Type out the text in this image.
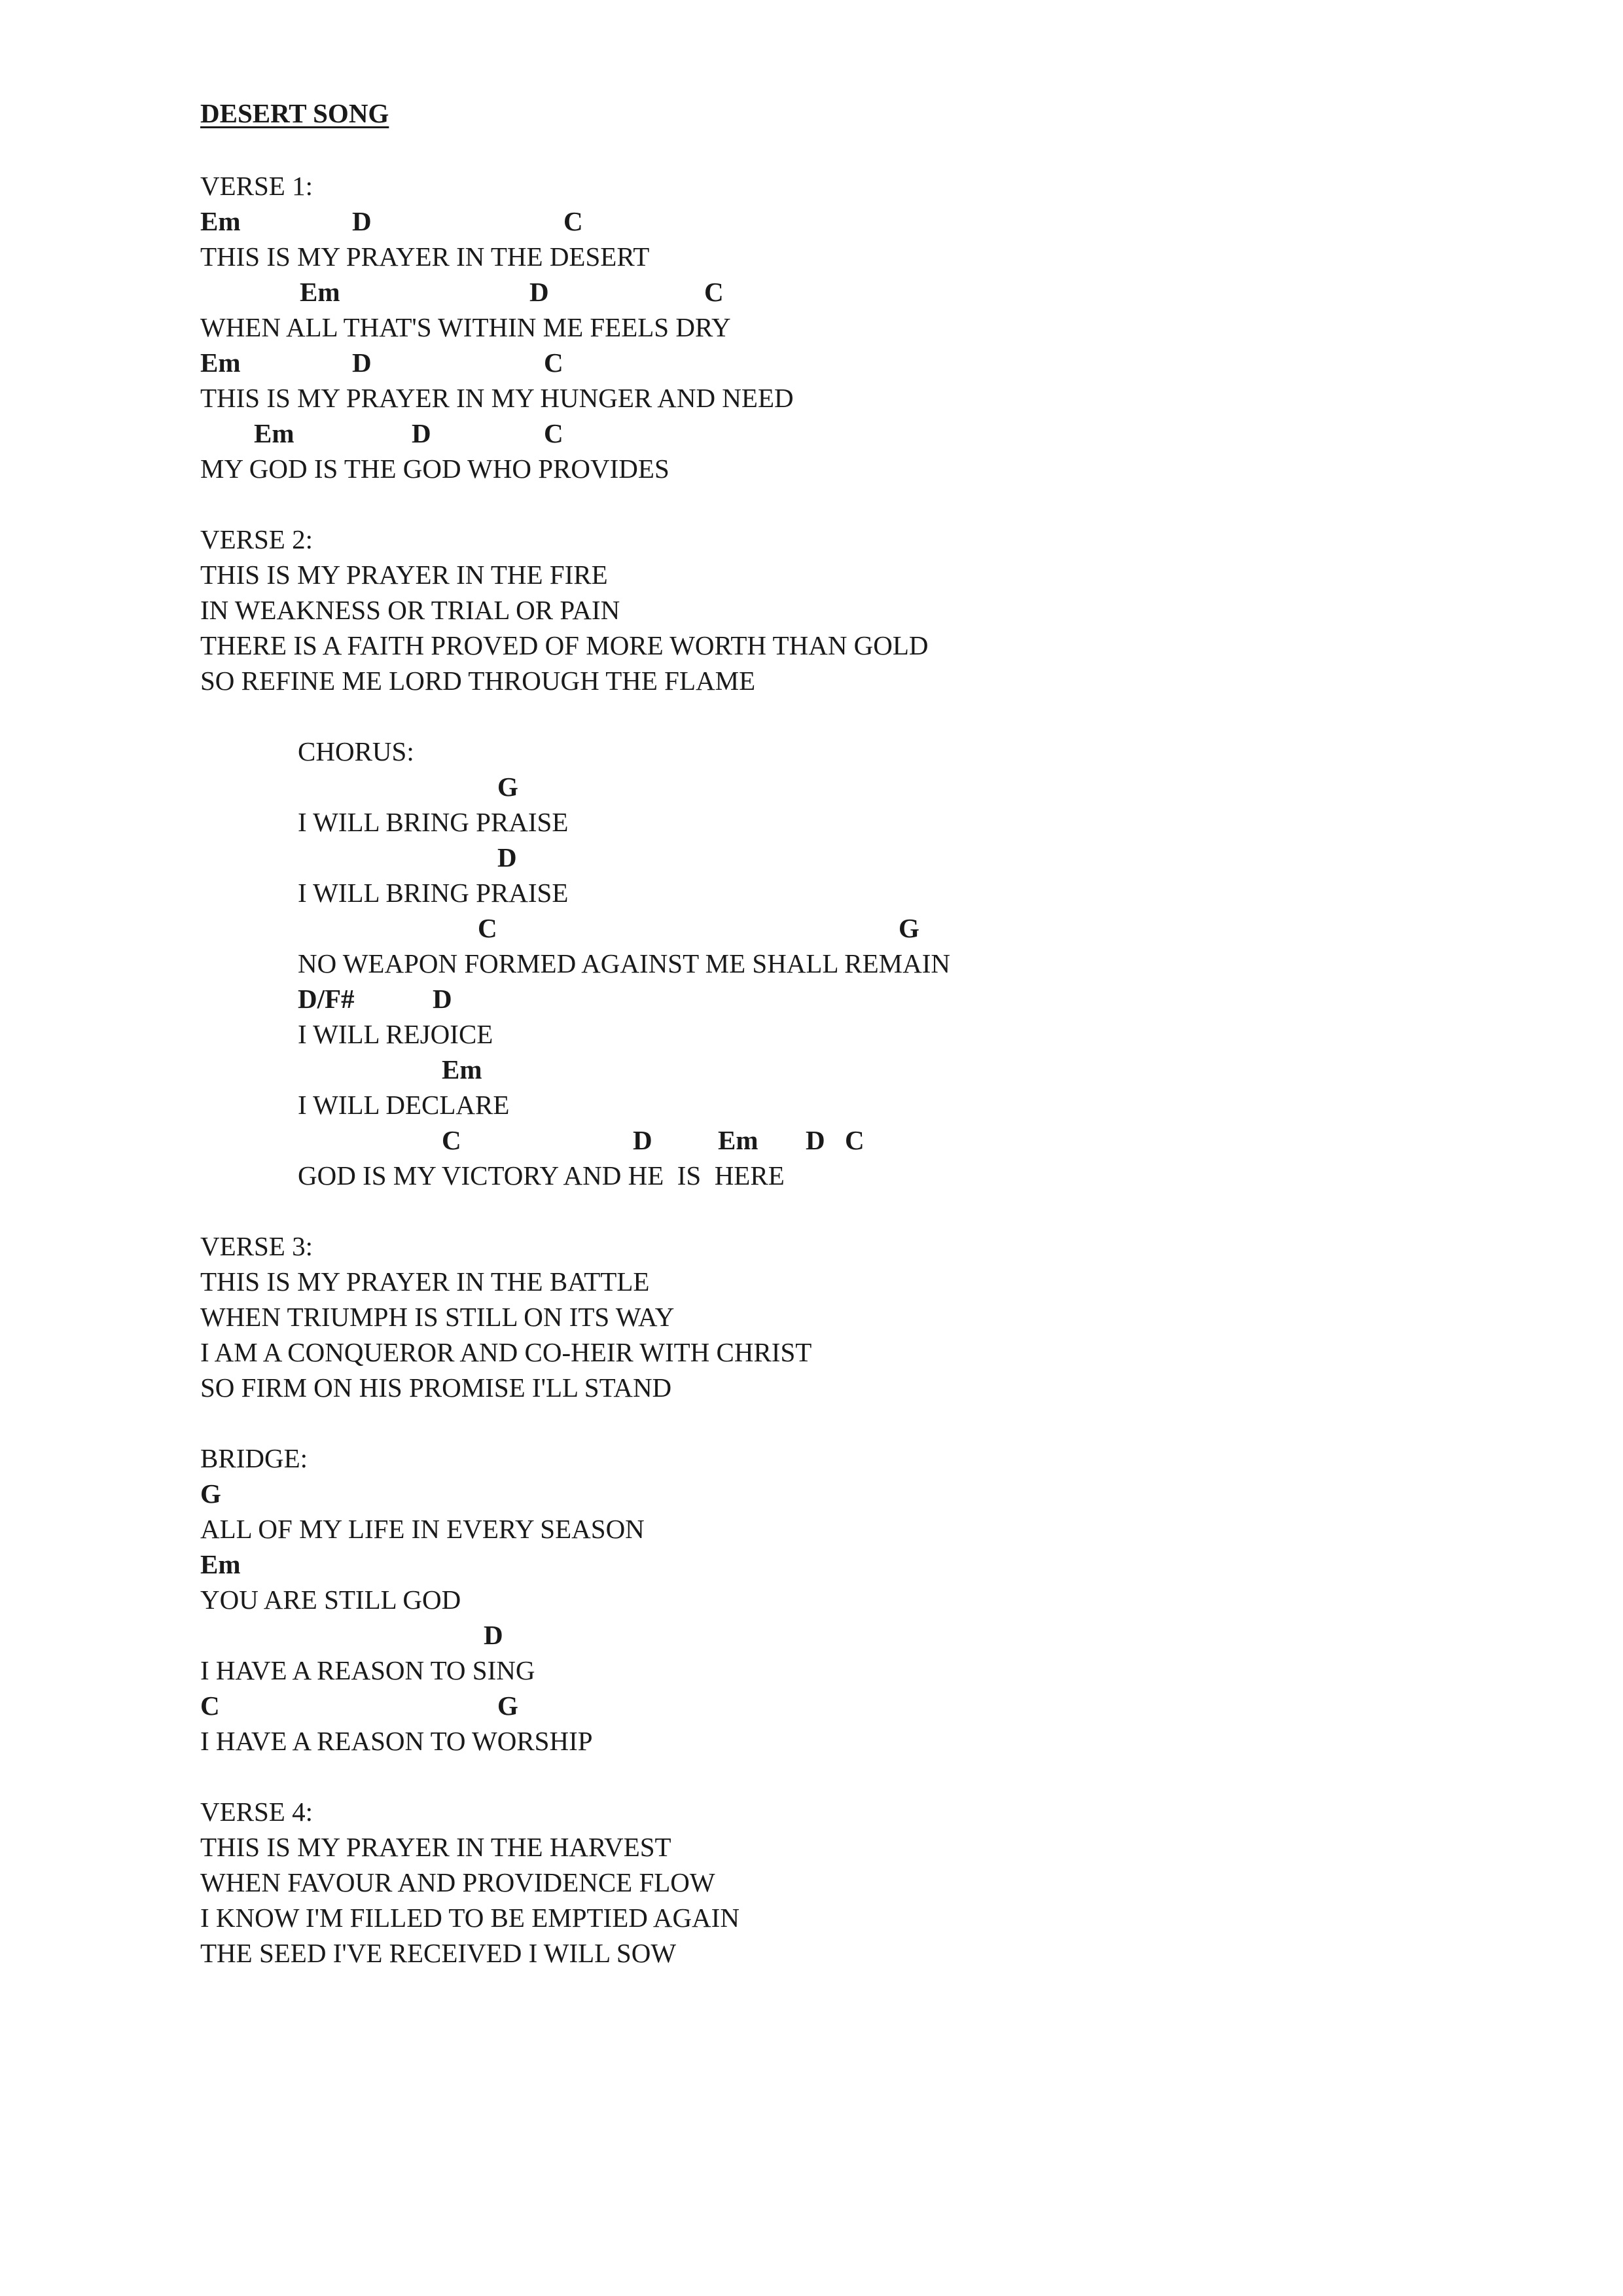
DESERT SONG
VERSE 1:
Em	D	C
THIS IS MY PRAYER IN THE DESERT
Em	D	C
WHEN ALL THAT'S WITHIN ME FEELS DRY
Em	D	C
THIS IS MY PRAYER IN MY HUNGER AND NEED
Em	D	C
MY GOD IS THE GOD WHO PROVIDES
VERSE 2:
THIS IS MY PRAYER IN THE FIRE
IN WEAKNESS OR TRIAL OR PAIN
THERE IS A FAITH PROVED OF MORE WORTH THAN GOLD
SO REFINE ME LORD THROUGH THE FLAME
CHORUS:
G
I WILL BRING PRAISE
D
I WILL BRING PRAISE
C	G
NO WEAPON FORMED AGAINST ME SHALL REMAIN
D/F#	D
I WILL REJOICE
Em
I WILL DECLARE
C	D Em D C
GOD IS MY VICTORY AND HE  IS  HERE
VERSE 3:
THIS IS MY PRAYER IN THE BATTLE
WHEN TRIUMPH IS STILL ON ITS WAY
I AM A CONQUEROR AND CO-HEIR WITH CHRIST
SO FIRM ON HIS PROMISE I'LL STAND
BRIDGE:
G
ALL OF MY LIFE IN EVERY SEASON
Em
YOU ARE STILL GOD
D
I HAVE A REASON TO SING
C	G
I HAVE A REASON TO WORSHIP
VERSE 4:
THIS IS MY PRAYER IN THE HARVEST
WHEN FAVOUR AND PROVIDENCE FLOW
I KNOW I'M FILLED TO BE EMPTIED AGAIN
THE SEED I'VE RECEIVED I WILL SOW
